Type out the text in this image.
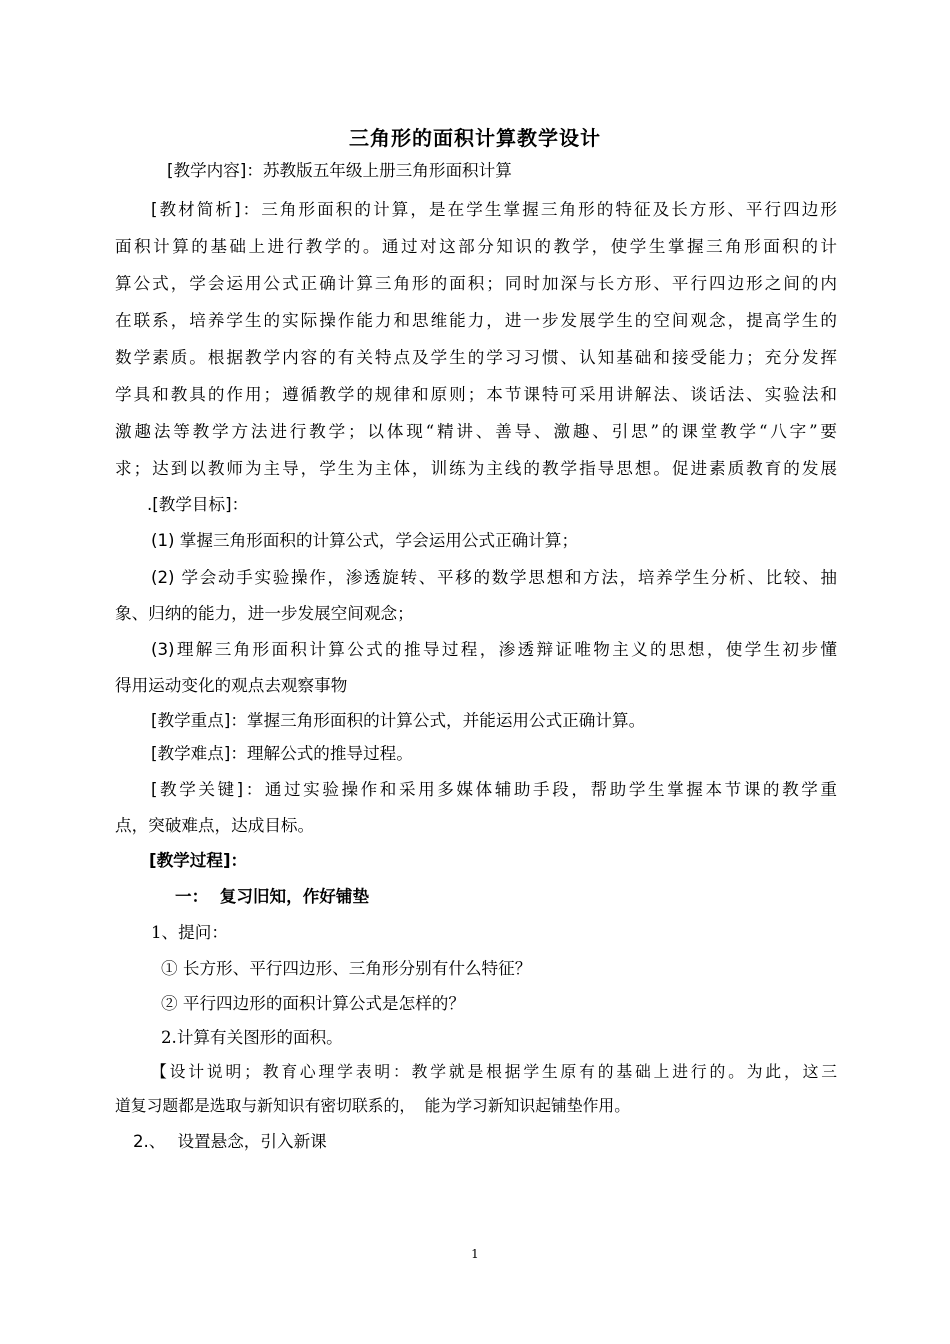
三角形的面积计算教学设计
[教学内容]：苏教版五年级上册三角形面积计算
[教材简析]：三角形面积的计算，是在学生掌握三角形的特征及长方形、平行四边形
面积计算的基础上进行教学的。通过对这部分知识的教学，使学生掌握三角形面积的计
算公式，学会运用公式正确计算三角形的面积；同时加深与长方形、平行四边形之间的内
在联系，培养学生的实际操作能力和思维能力，进一步发展学生的空间观念，提高学生的
数学素质。根据教学内容的有关特点及学生的学习习惯、认知基础和接受能力；充分发挥
学具和教具的作用；遵循教学的规律和原则；本节课特可采用讲解法、谈话法、实验法和
激趣法等教学方法进行教学；以体现“精讲、善导、激趣、引思”的课堂教学“八字”要
求；达到以教师为主导，学生为主体，训练为主线的教学指导思想。促进素质教育的发展
.[教学目标]：
(1) 掌握三角形面积的计算公式，学会运用公式正确计算；
(2) 学会动手实验操作，渗透旋转、平移的数学思想和方法，培养学生分析、比较、抽
象、归纳的能力，进一步发展空间观念；
(3)理解三角形面积计算公式的推导过程，渗透辩证唯物主义的思想，使学生初步懂
得用运动变化的观点去观察事物
[教学重点]：掌握三角形面积的计算公式，并能运用公式正确计算。
[教学难点]：理解公式的推导过程。
[教学关键]：通过实验操作和采用多媒体辅助手段，帮助学生掌握本节课的教学重
点，突破难点，达成目标。
[教学过程]：
一：  复习旧知，作好铺垫
1、提问：
① 长方形、平行四边形、三角形分别有什么特征？
② 平行四边形的面积计算公式是怎样的？
2.计算有关图形的面积。
【设计说明；教育心理学表明：教学就是根据学生原有的基础上进行的。为此，这三
道复习题都是选取与新知识有密切联系的， 能为学习新知识起铺垫作用。
2.、 设置悬念，引入新课
1
